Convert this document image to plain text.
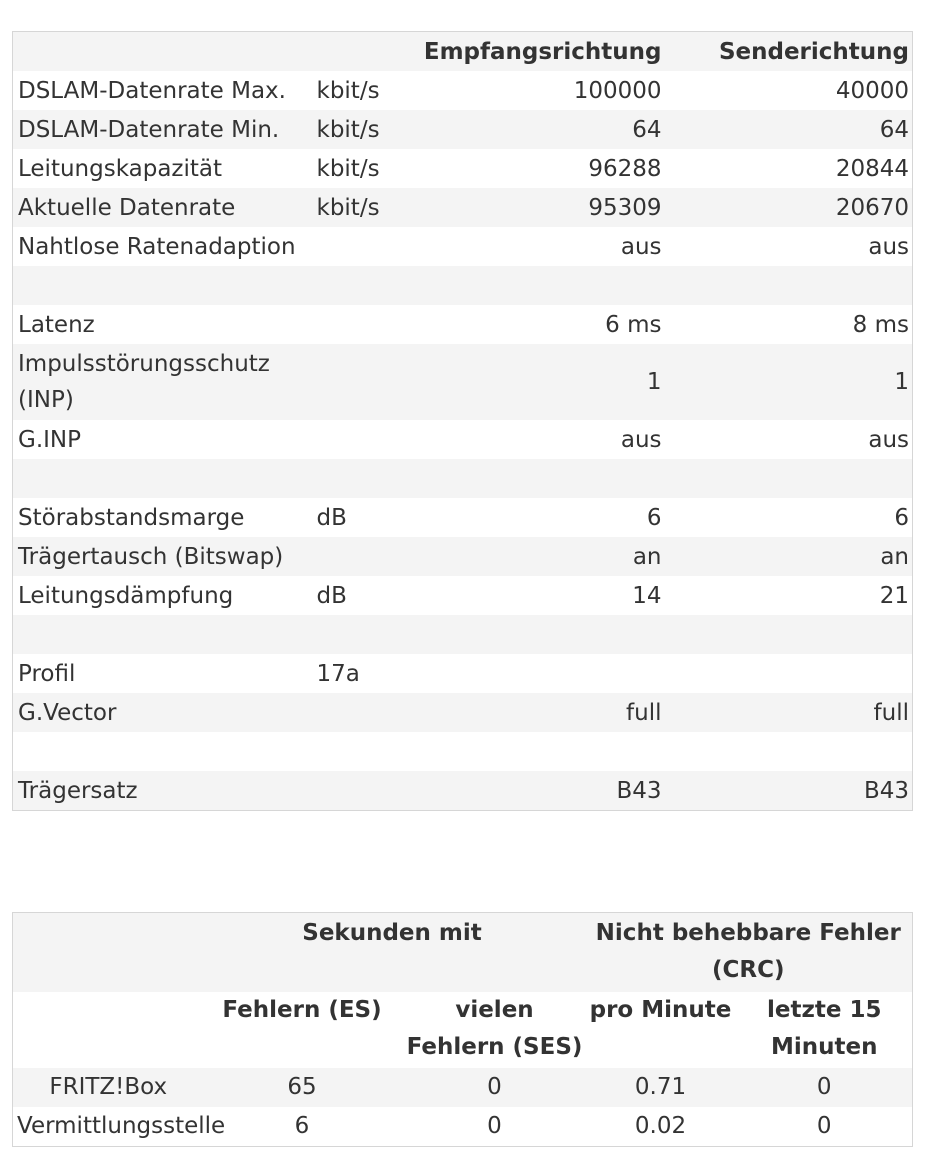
		Empfangsrichtung	Senderichtung
DSLAM-Datenrate Max.	kbit/s	100000	40000
DSLAM-Datenrate Min.	kbit/s	64	64
Leitungskapazität	kbit/s	96288	20844
Aktuelle Datenrate	kbit/s	95309	20670
Nahtlose Ratenadaption		aus	aus

Latenz		6 ms	8 ms
Impulsstörungsschutz (INP)		1	1
G.INP		aus	aus

Störabstandsmarge	dB	6	6
Trägertausch (Bitswap)		an	an
Leitungsdämpfung	dB	14	21

Profil	17a		
G.Vector		full	full

Trägersatz		B43	B43
	Sekunden mit		Nicht behebbare Fehler (CRC)	
	Fehlern (ES)	vielen Fehlern (SES)	pro Minute	letzte 15 Minuten
FRITZ!Box	65	0	0.71	0
Vermittlungsstelle	6	0	0.02	0
